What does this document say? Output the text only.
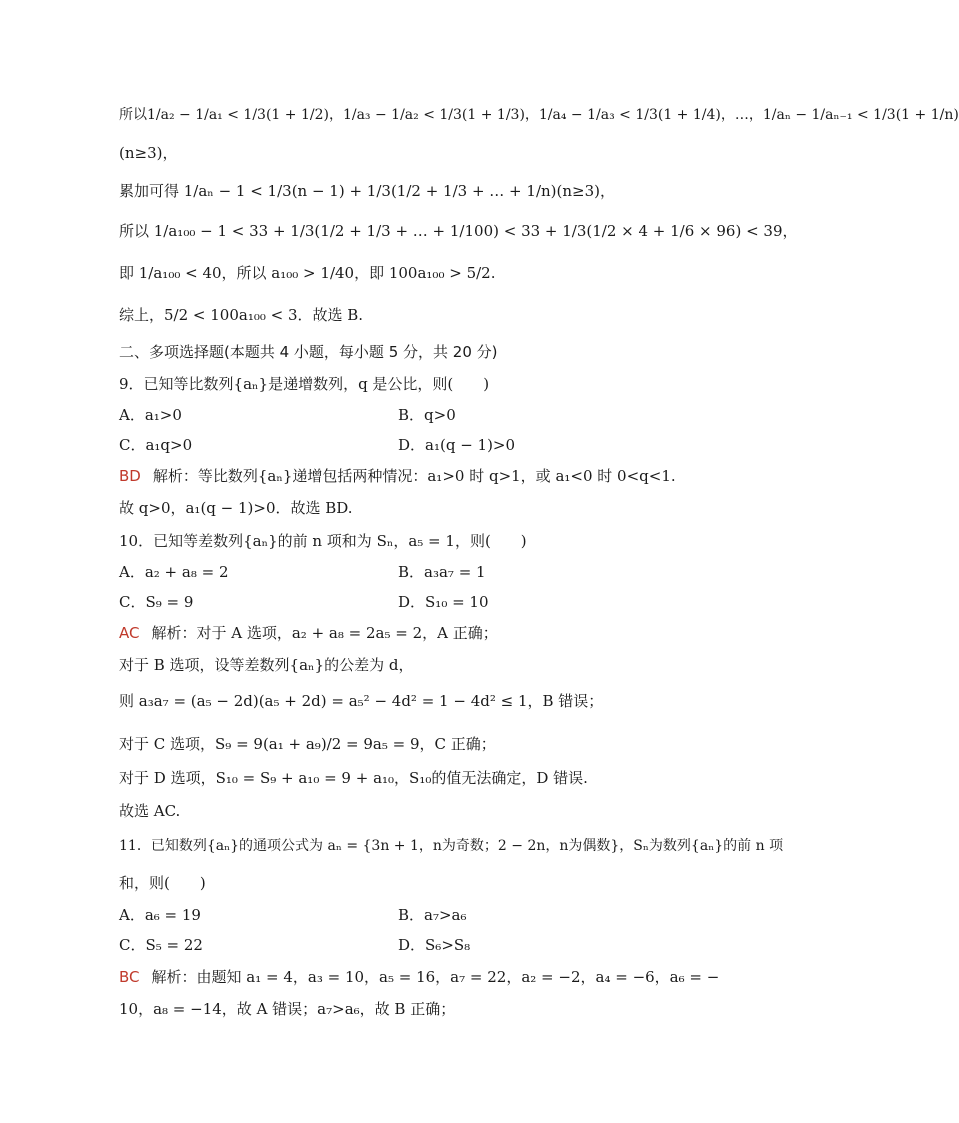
所以1/a₂ − 1/a₁ < 1/3(1 + 1/2)，1/a₃ − 1/a₂ < 1/3(1 + 1/3)，1/a₄ − 1/a₃ < 1/3(1 + 1/4)，…，1/aₙ − 1/aₙ₋₁ < 1/3(1 + 1/n)
(n≥3)，
累加可得 1/aₙ − 1 < 1/3(n − 1) + 1/3(1/2 + 1/3 + … + 1/n)(n≥3)，
所以 1/a₁₀₀ − 1 < 33 + 1/3(1/2 + 1/3 + … + 1/100) < 33 + 1/3(1/2 × 4 + 1/6 × 96) < 39，
即 1/a₁₀₀ < 40，所以 a₁₀₀ > 1/40，即 100a₁₀₀ > 5/2.
综上，5/2 < 100a₁₀₀ < 3．故选 B.
二、多项选择题(本题共 4 小题，每小题 5 分，共 20 分)
9．已知等比数列{aₙ}是递增数列，q 是公比，则(　　)
A．a₁>0	B．q>0
C．a₁q>0	D．a₁(q − 1)>0
BD 解析：等比数列{aₙ}递增包括两种情况：a₁>0 时 q>1，或 a₁<0 时 0<q<1.
故 q>0，a₁(q − 1)>0．故选 BD.
10．已知等差数列{aₙ}的前 n 项和为 Sₙ，a₅ = 1，则(　　)
A．a₂ + a₈ = 2	B．a₃a₇ = 1
C．S₉ = 9	D．S₁₀ = 10
AC 解析：对于 A 选项，a₂ + a₈ = 2a₅ = 2，A 正确；
对于 B 选项，设等差数列{aₙ}的公差为 d，
则 a₃a₇ = (a₅ − 2d)(a₅ + 2d) = a₅² − 4d² = 1 − 4d² ≤ 1，B 错误；
对于 C 选项，S₉ = 9(a₁ + a₉)/2 = 9a₅ = 9，C 正确；
对于 D 选项，S₁₀ = S₉ + a₁₀ = 9 + a₁₀，S₁₀的值无法确定，D 错误.
故选 AC.
11．已知数列{aₙ}的通项公式为 aₙ = {3n + 1，n为奇数；2 − 2n，n为偶数}，Sₙ为数列{aₙ}的前 n 项
和，则(　　)
A．a₆ = 19	B．a₇>a₆
C．S₅ = 22	D．S₆>S₈
BC 解析：由题知 a₁ = 4，a₃ = 10，a₅ = 16，a₇ = 22，a₂ = −2，a₄ = −6，a₆ = −
10，a₈ = −14，故 A 错误；a₇>a₆，故 B 正确；
